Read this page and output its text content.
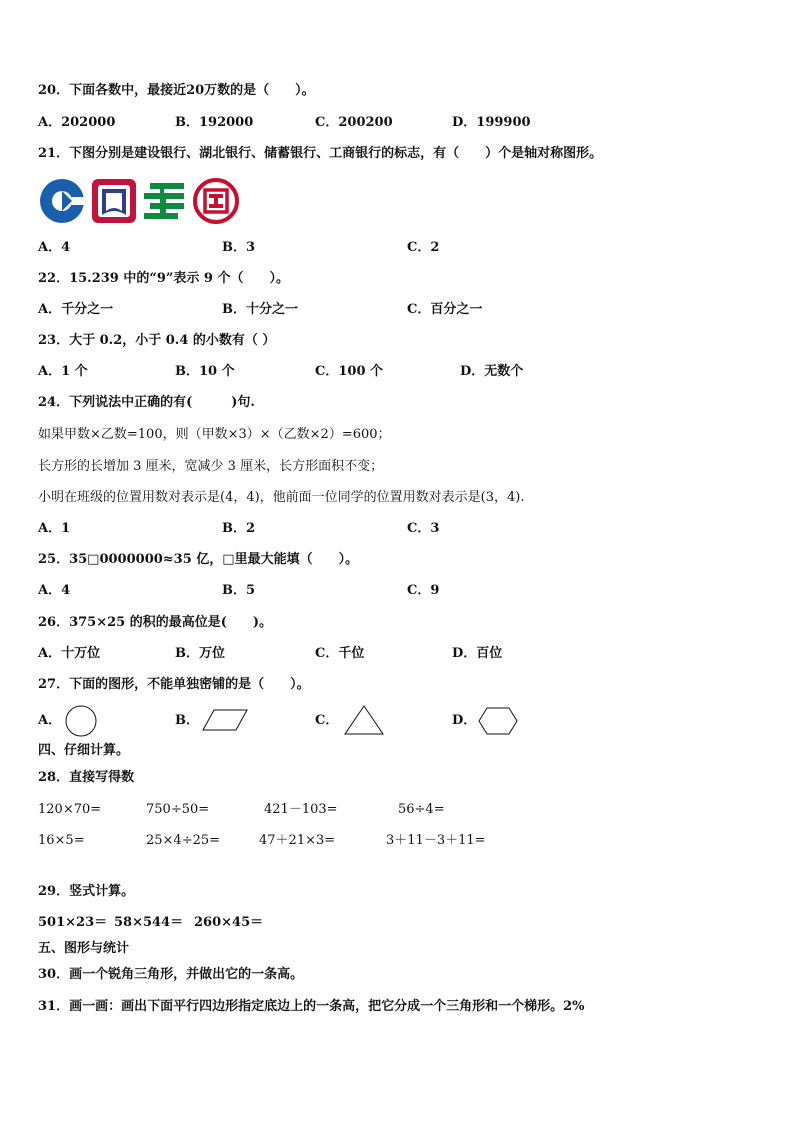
20．下面各数中，最接近20万数的是（　　）。
A．202000	B．192000	C．200200	D．199900
21．下图分别是建设银行、湖北银行、储蓄银行、工商银行的标志，有（　　）个是轴对称图形。
A．4	B．3	C．2
22．15.239 中的“9”表示 9 个（　　）。
A．千分之一	B．十分之一	C．百分之一
23．大于 0.2，小于 0.4 的小数有（ ）
A．1 个	B．10 个	C．100 个	D．无数个
24．下列说法中正确的有(　　　)句.
如果甲数×乙数=100，则（甲数×3）×（乙数×2）=600；
长方形的长增加 3 厘米，宽减少 3 厘米，长方形面积不变；
小明在班级的位置用数对表示是(4，4)，他前面一位同学的位置用数对表示是(3，4).
A．1	B．2	C．3
25．35□0000000≈35 亿，□里最大能填（　　）。
A．4	B．5	C．9
26．375×25 的积的最高位是(　　)。
A．十万位	B．万位	C．千位	D．百位
27．下面的图形，不能单独密铺的是（　　）。
A．	B．	C．	D．
四、仔细计算。
28．直接写得数
120×70=	750÷50=	421－103=	56÷4=
16×5=	25×4÷25=	47＋21×3=	3＋11－3＋11=
29．竖式计算。
501×23＝ 58×544＝ 260×45＝
五、图形与统计
30．画一个锐角三角形，并做出它的一条高。
31．画一画：画出下面平行四边形指定底边上的一条高，把它分成一个三角形和一个梯形。2%
